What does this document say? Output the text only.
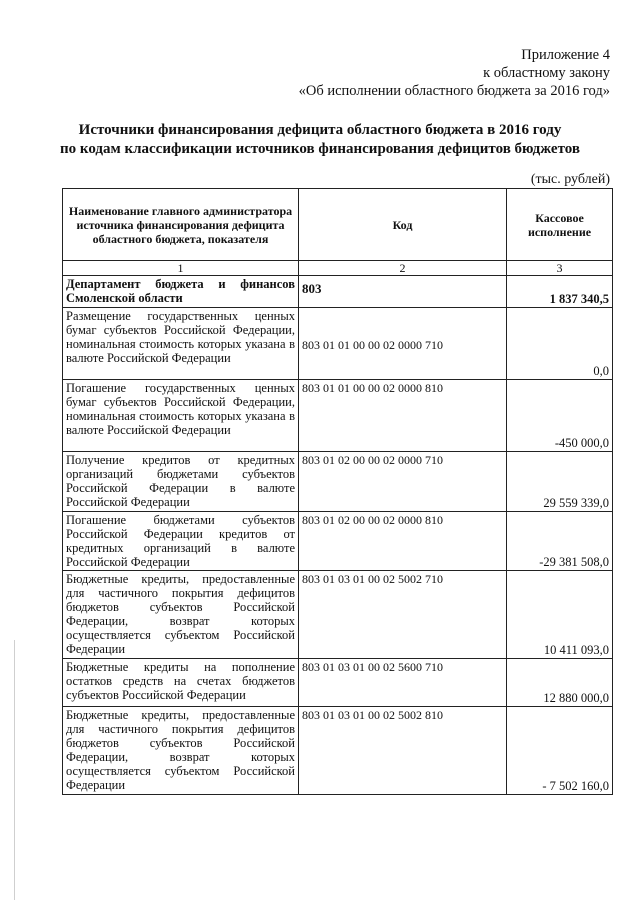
Приложение 4
к областному закону
«Об исполнении областного бюджета за 2016 год»
Источники финансирования дефицита областного бюджета в 2016 году
по кодам классификации источников финансирования дефицитов бюджетов
(тыс. рублей)
Наименование главного администратора источника финансирования дефицита областного бюджета, показателя	Код	Кассовое исполнение
1	2	3
Департамент бюджета и финансов Смоленской области	803	1 837 340,5
Размещение государственных ценных бумаг субъектов Российской Федерации, номинальная стоимость которых указана в валюте Российской Федерации	803 01 01 00 00 02 0000 710	0,0
Погашение государственных ценных бумаг субъектов Российской Федерации, номинальная стоимость которых указана в валюте Российской Федерации	803 01 01 00 00 02 0000 810	-450 000,0
Получение кредитов от кредитных организаций бюджетами субъектов Российской Федерации в валюте Российской Федерации	803 01 02 00 00 02 0000 710	29 559 339,0
Погашение бюджетами субъектов Российской Федерации кредитов от кредитных организаций в валюте Российской Федерации	803 01 02 00 00 02 0000 810	-29 381 508,0
Бюджетные кредиты, предоставленные для частичного покрытия дефицитов бюджетов субъектов Российской Федерации, возврат которых осуществляется субъектом Российской Федерации	803 01 03 01 00 02 5002 710	10 411 093,0
Бюджетные кредиты на пополнение остатков средств на счетах бюджетов субъектов Российской Федерации	803 01 03 01 00 02 5600 710	12 880 000,0
Бюджетные кредиты, предоставленные для частичного покрытия дефицитов бюджетов субъектов Российской Федерации, возврат которых осуществляется субъектом Российской Федерации	803 01 03 01 00 02 5002 810	- 7 502 160,0
